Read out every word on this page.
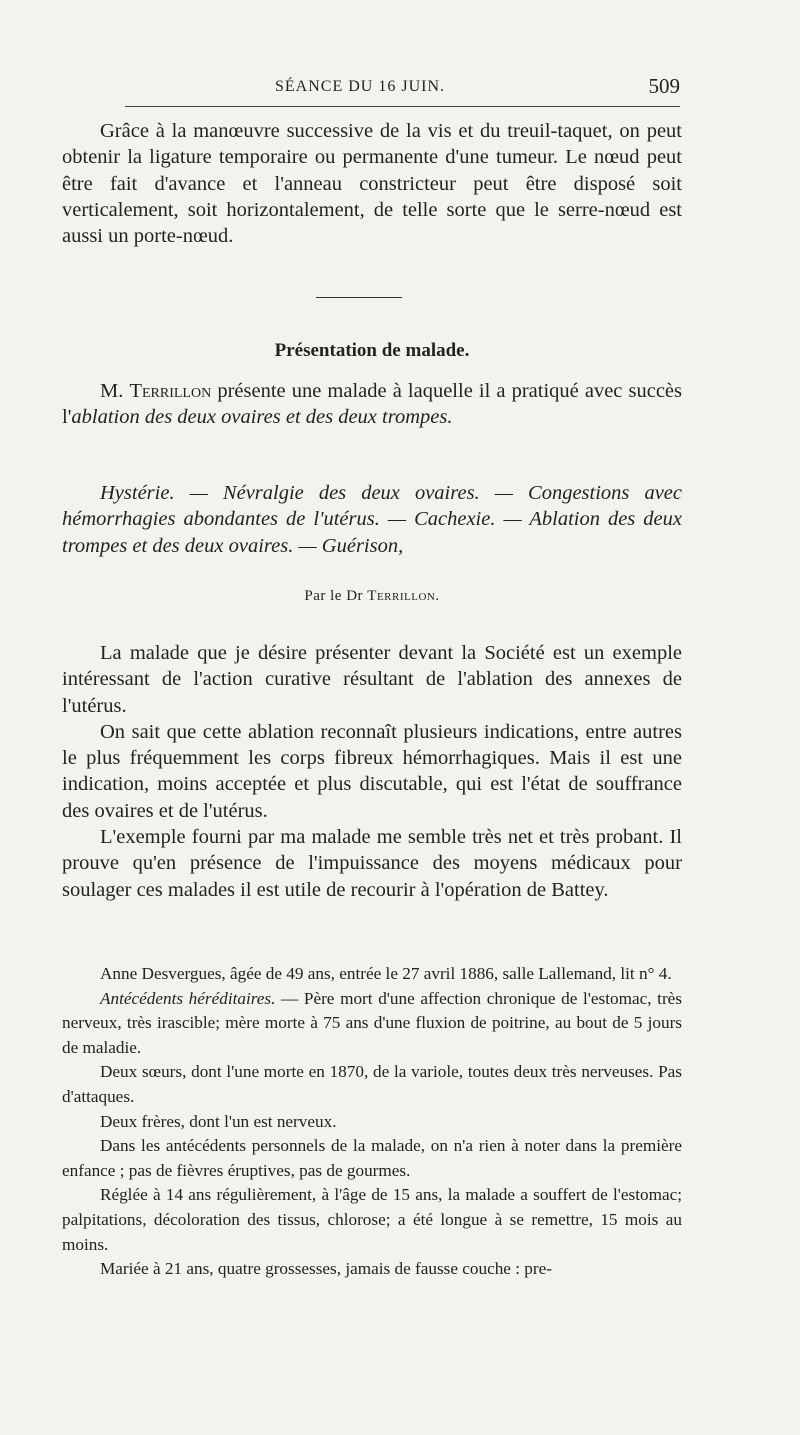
SÉANCE DU 16 JUIN.	509

Grâce à la manœuvre successive de la vis et du treuil-taquet, on peut obtenir la ligature temporaire ou permanente d'une tumeur. Le nœud peut être fait d'avance et l'anneau constricteur peut être disposé soit verticalement, soit horizontalement, de telle sorte que le serre-nœud est aussi un porte-nœud.

Présentation de malade.

M. Terrillon présente une malade à laquelle il a pratiqué avec succès l'ablation des deux ovaires et des deux trompes.

Hystérie. — Névralgie des deux ovaires. — Congestions avec hémorrhagies abondantes de l'utérus. — Cachexie. — Ablation des deux trompes et des deux ovaires. — Guérison,

Par le Dr Terrillon.

La malade que je désire présenter devant la Société est un exemple intéressant de l'action curative résultant de l'ablation des annexes de l'utérus.

On sait que cette ablation reconnaît plusieurs indications, entre autres le plus fréquemment les corps fibreux hémorrhagiques. Mais il est une indication, moins acceptée et plus discutable, qui est l'état de souffrance des ovaires et de l'utérus.

L'exemple fourni par ma malade me semble très net et très probant. Il prouve qu'en présence de l'impuissance des moyens médicaux pour soulager ces malades il est utile de recourir à l'opération de Battey.

Anne Desvergues, âgée de 49 ans, entrée le 27 avril 1886, salle Lallemand, lit n° 4.

Antécédents héréditaires. — Père mort d'une affection chronique de l'estomac, très nerveux, très irascible; mère morte à 75 ans d'une fluxion de poitrine, au bout de 5 jours de maladie.

Deux sœurs, dont l'une morte en 1870, de la variole, toutes deux très nerveuses. Pas d'attaques.

Deux frères, dont l'un est nerveux.

Dans les antécédents personnels de la malade, on n'a rien à noter dans la première enfance ; pas de fièvres éruptives, pas de gourmes.

Réglée à 14 ans régulièrement, à l'âge de 15 ans, la malade a souffert de l'estomac; palpitations, décoloration des tissus, chlorose; a été longue à se remettre, 15 mois au moins.

Mariée à 21 ans, quatre grossesses, jamais de fausse couche : pre-
